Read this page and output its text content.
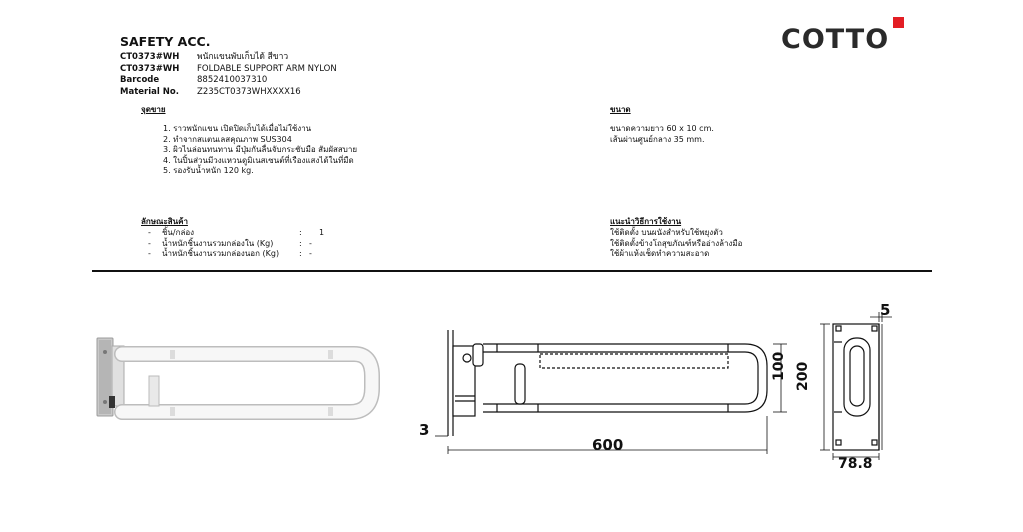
SAFETY ACC.
CT0373#WH	พนักแขนพับเก็บได้ สีขาว
CT0373#WH	FOLDABLE SUPPORT ARM NYLON
Barcode	8852410037310
Material No.	Z235CT0373WHXXXX16
COTTO
จุดขาย
1. ราวพนักแขน เปิดปิดเก็บได้เมื่อไม่ใช้งาน
2. ทำจากสแตนเลสคุณภาพ SUS304
3. ผิวไนล่อนทนทาน มีปุ่มกันลื่นจับกระชับมือ สัมผัสสบาย
4. ในปิ้นส่วนมีวงแหวนดูมิเนสเซนต์ที่เรืองแสงได้ในที่มืด
5. รองรับน้ำหนัก 120 kg.
ขนาด
ขนาดความยาว 60 x 10 cm.
เส้นผ่านศูนย์กลาง 35 mm.
ลักษณะสินค้า
-	ชิ้น/กล่อง	:	1
-	น้ำหนักชิ้นงานรวมกล่องใน (Kg)	: -
-	น้ำหนักชิ้นงานรวมกล่องนอก (Kg)	: -
แนะนำวิธีการใช้งาน
ใช้ติดตั้ง บนผนังสำหรับใช้พยุงตัว
ใช้ติดตั้งข้างโถสุขภัณฑ์หรืออ่างล้างมือ
ใช้ผ้าแห้งเช็ดทำความสะอาด
600
3
100
5
200
78.8
